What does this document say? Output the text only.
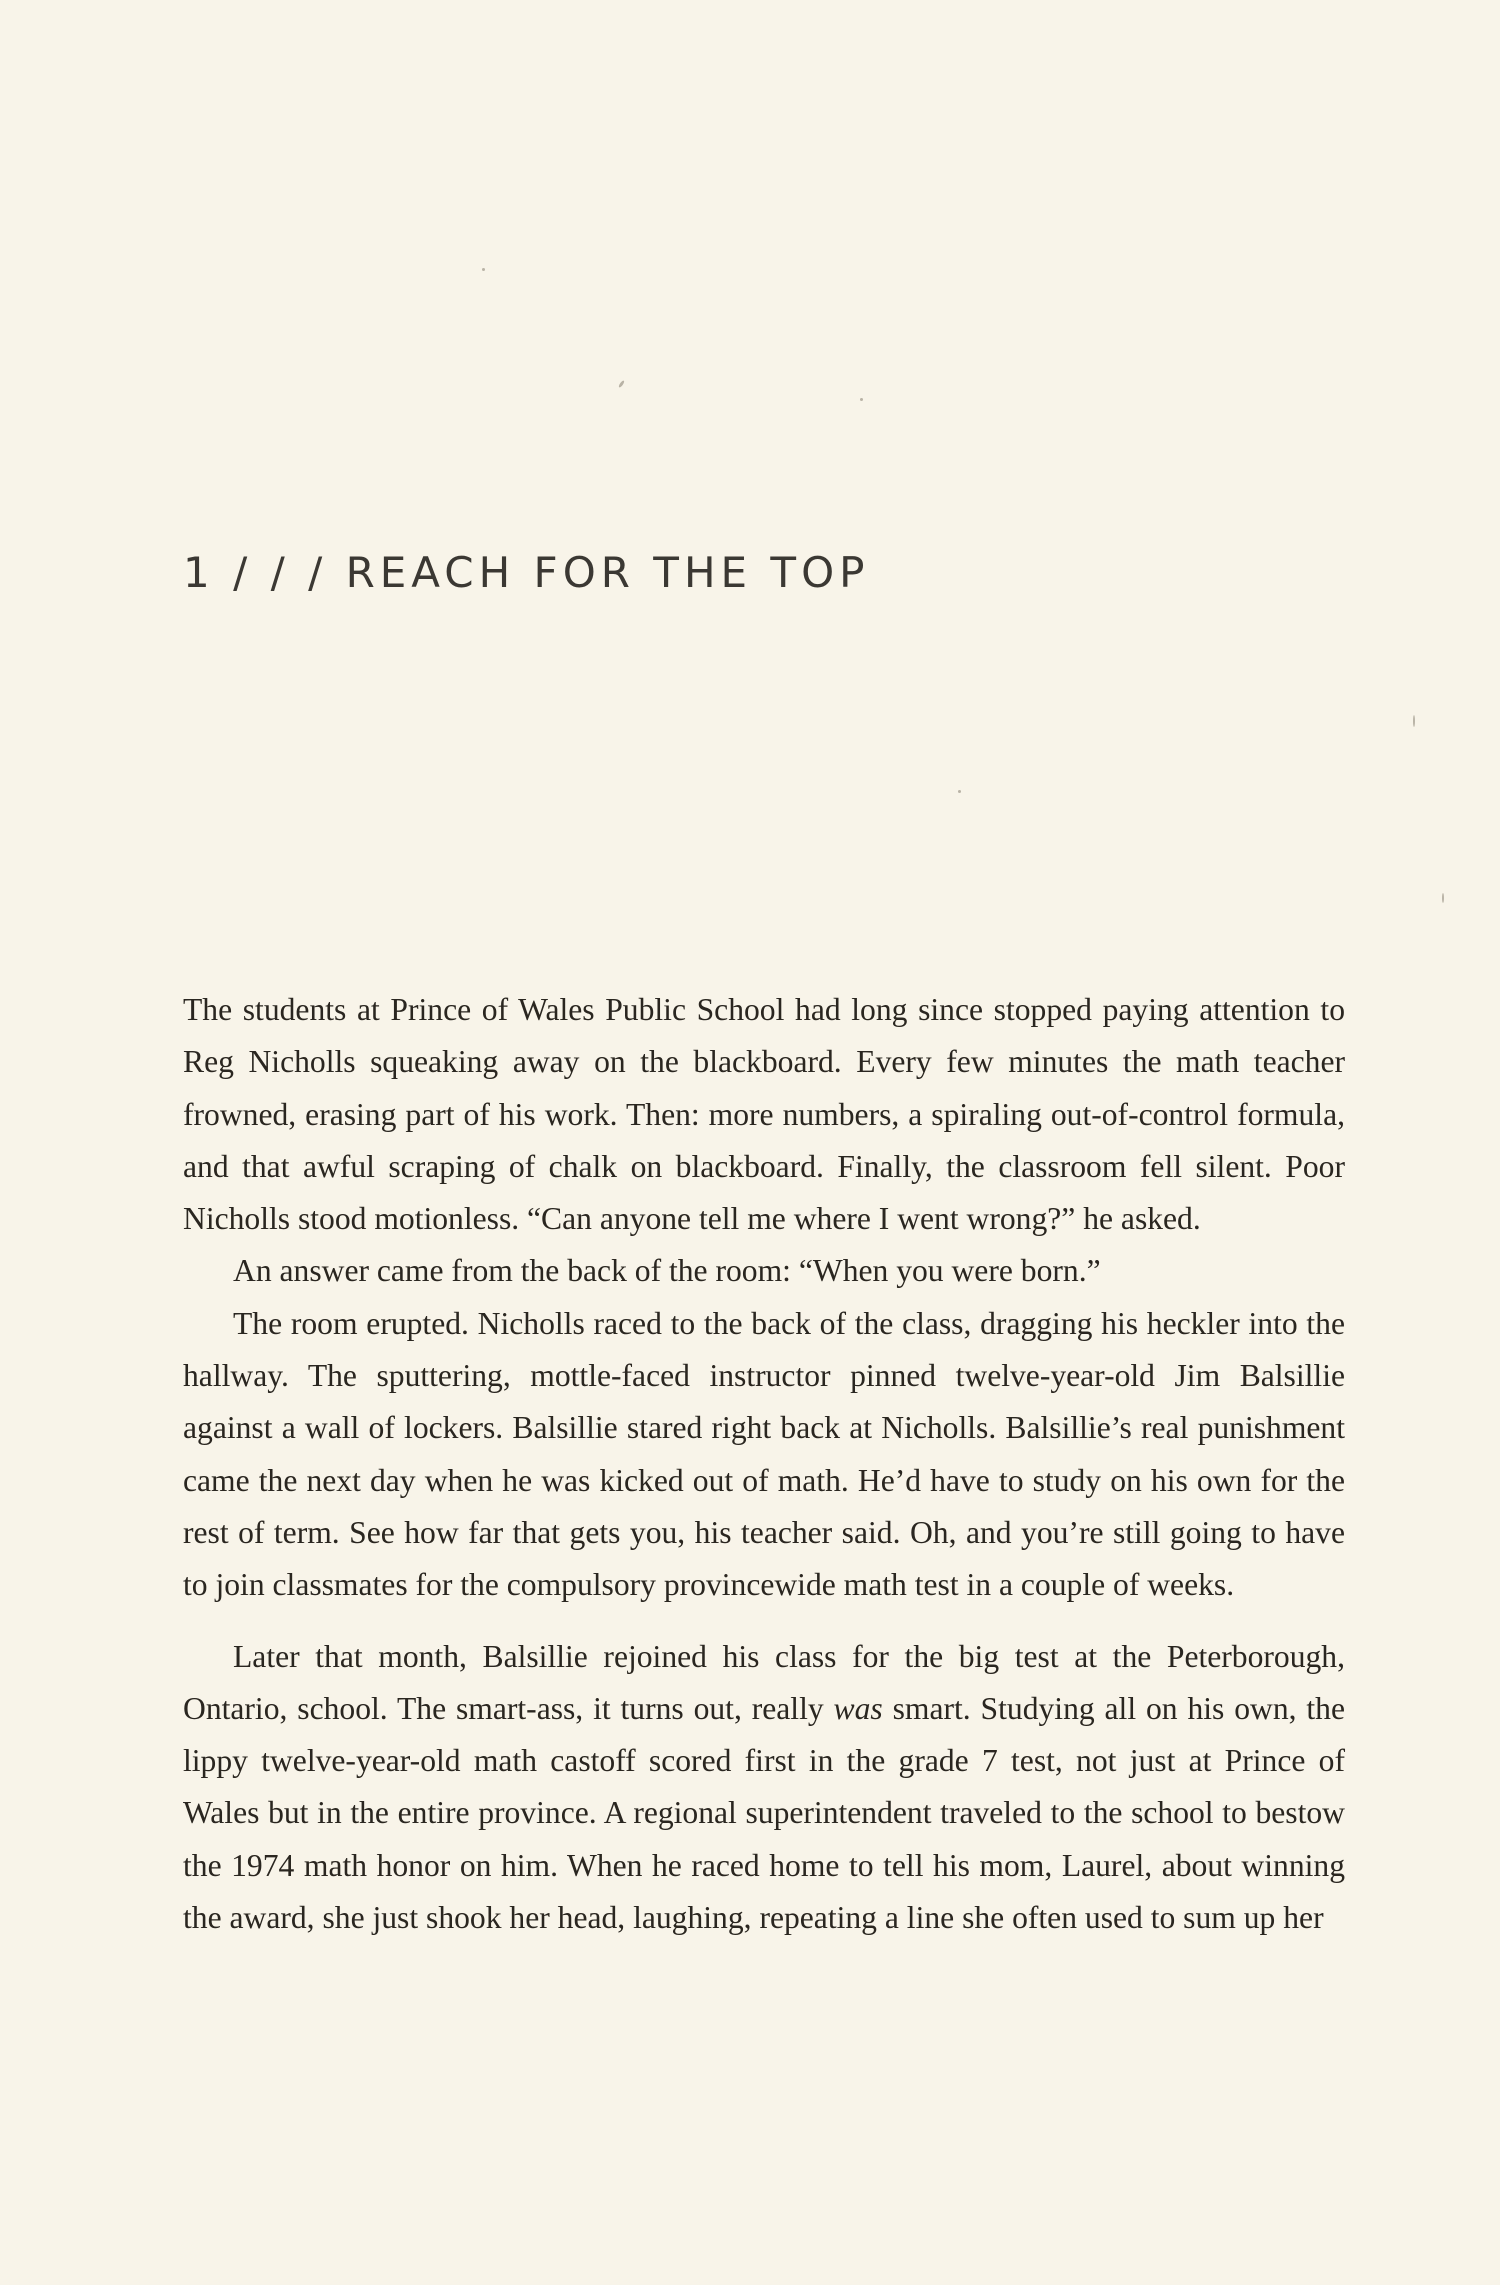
1 / / / REACH FOR THE TOP

The students at Prince of Wales Public School had long since stopped paying attention to Reg Nicholls squeaking away on the blackboard. Every few minutes the math teacher frowned, erasing part of his work. Then: more numbers, a spiraling out-of-control formula, and that awful scraping of chalk on blackboard. Finally, the classroom fell silent. Poor Nicholls stood motionless. “Can anyone tell me where I went wrong?” he asked.

An answer came from the back of the room: “When you were born.”

The room erupted. Nicholls raced to the back of the class, dragging his heckler into the hallway. The sputtering, mottle-faced instructor pinned twelve-year-old Jim Balsillie against a wall of lockers. Balsillie stared right back at Nicholls. Balsillie’s real punishment came the next day when he was kicked out of math. He’d have to study on his own for the rest of term. See how far that gets you, his teacher said. Oh, and you’re still going to have to join classmates for the compulsory provincewide math test in a couple of weeks.

Later that month, Balsillie rejoined his class for the big test at the Peterborough, Ontario, school. The smart-ass, it turns out, really was smart. Studying all on his own, the lippy twelve-year-old math castoff scored first in the grade 7 test, not just at Prince of Wales but in the entire province. A regional superintendent traveled to the school to bestow the 1974 math honor on him. When he raced home to tell his mom, Laurel, about winning the award, she just shook her head, laughing, repeating a line she often used to sum up her
